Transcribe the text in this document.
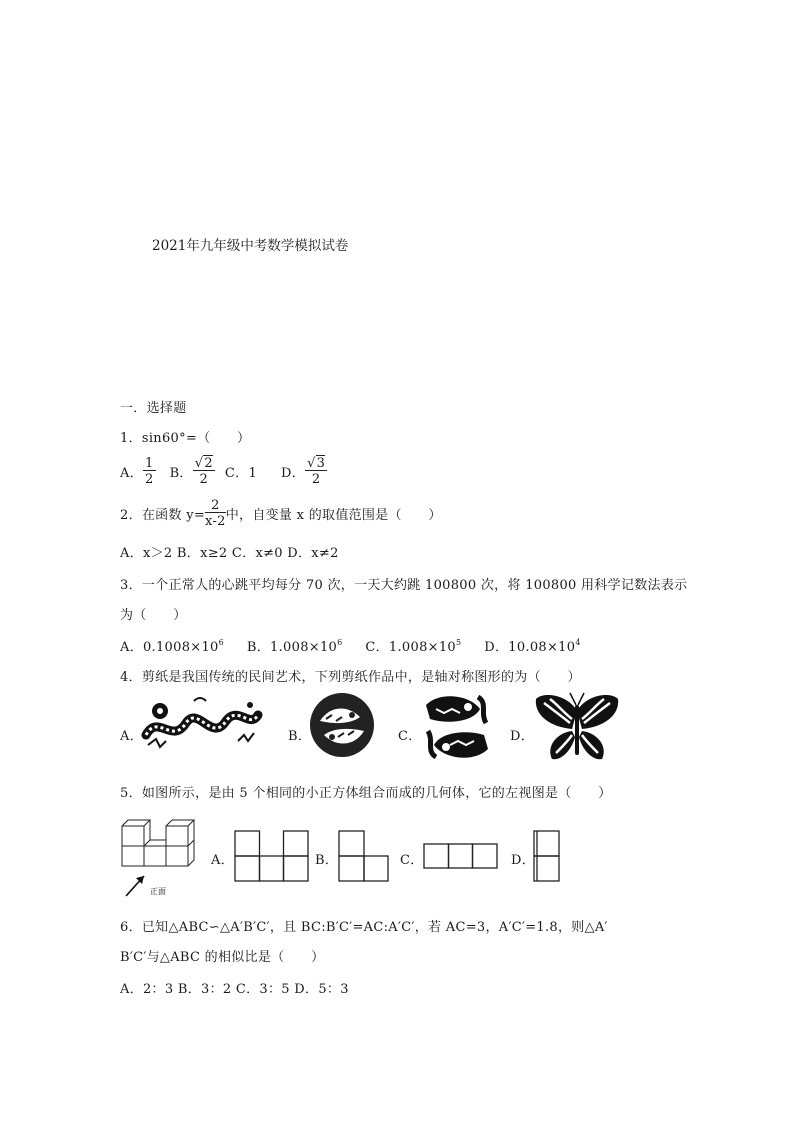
2021年九年级中考数学模拟试卷
一．选择题
1．sin60°=（　　）
A． $\frac{1}{2}$ B． $\frac{√2}{2}$ C．1 D． $\frac{√3}{2}$
2．在函数 $y= \frac{2}{x-2}$ 中，自变量 x 的取值范围是（　　）
A．x＞2 B．x≥2 C．x≠0 D．x≠2
3．一个正常人的心跳平均每分 70 次，一天大约跳 100800 次，将 100800 用科学记数法表示
为（　　）
A．$0.1008\times 10^6$ B．$1.008\times 10^6$ C．$1.008\times 10^5$ D．$10.08\times 10^4$
4．剪纸是我国传统的民间艺术，下列剪纸作品中，是轴对称图形的为（　　）
A．	B．	C．	D．
5．如图所示，是由 5 个相同的小正方体组合而成的几何体，它的左视图是（　　）
正面
A．	B．	C．	D．
6．已知△ABC∽△A′B′C′，且 BC:B′C′=AC:A′C′，若 AC=3，A′C′=1.8，则△A′
B′C′与△ABC 的相似比是（　　）
A．2：3 B．3：2 C．3：5 D．5：3
